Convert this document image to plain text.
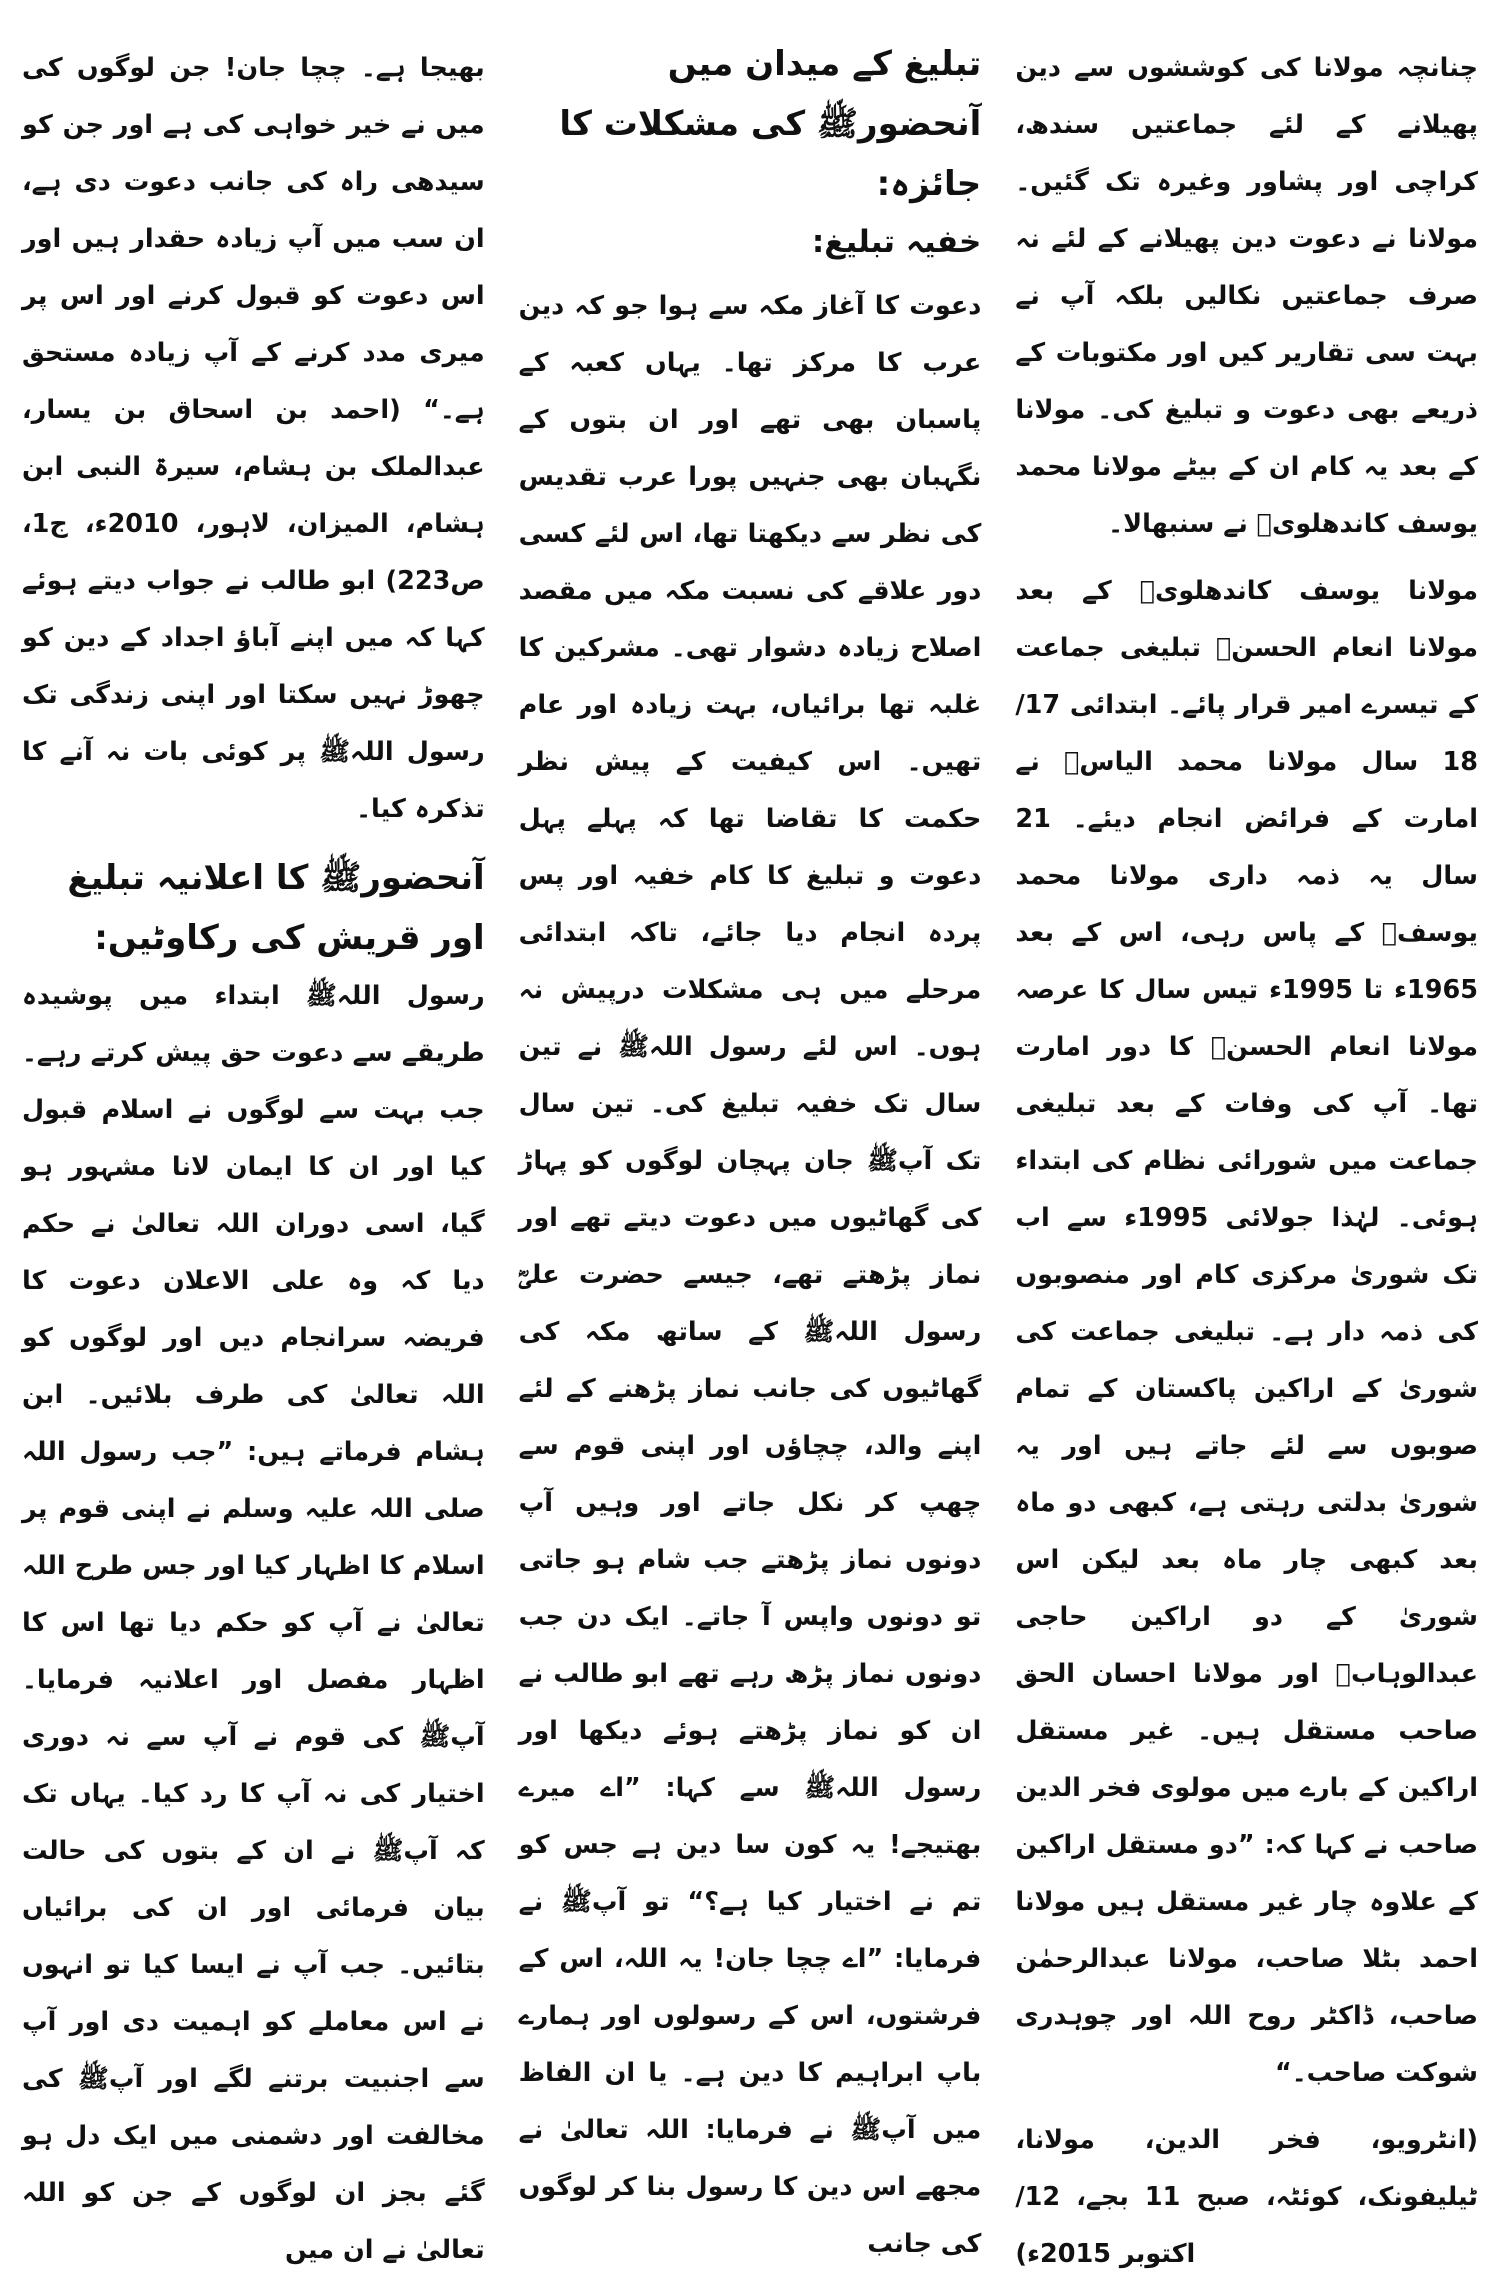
چنانچہ مولانا کی کوششوں سے دین پھیلانے کے لئے جماعتیں سندھ، کراچی اور پشاور وغیرہ تک گئیں۔ مولانا نے دعوت دین پھیلانے کے لئے نہ صرف جماعتیں نکالیں بلکہ آپ نے بہت سی تقاریر کیں اور مکتوبات کے ذریعے بھی دعوت و تبلیغ کی۔ مولانا کے بعد یہ کام ان کے بیٹے مولانا محمد یوسف کاندھلویؒ نے سنبھالا۔

مولانا یوسف کاندھلویؒ کے بعد مولانا انعام الحسنؒ تبلیغی جماعت کے تیسرے امیر قرار پائے۔ ابتدائی 17/ 18 سال مولانا محمد الیاسؒ نے امارت کے فرائض انجام دیئے۔ 21 سال یہ ذمہ داری مولانا محمد یوسفؒ کے پاس رہی، اس کے بعد 1965ء تا 1995ء تیس سال کا عرصہ مولانا انعام الحسنؒ کا دور امارت تھا۔ آپ کی وفات کے بعد تبلیغی جماعت میں شورائی نظام کی ابتداء ہوئی۔ لہٰذا جولائی 1995ء سے اب تک شوریٰ مرکزی کام اور منصوبوں کی ذمہ دار ہے۔ تبلیغی جماعت کی شوریٰ کے اراکین پاکستان کے تمام صوبوں سے لئے جاتے ہیں اور یہ شوریٰ بدلتی رہتی ہے، کبھی دو ماہ بعد کبھی چار ماہ بعد لیکن اس شوریٰ کے دو اراکین حاجی عبدالوہابؒ اور مولانا احسان الحق صاحب مستقل ہیں۔ غیر مستقل اراکین کے بارے میں مولوی فخر الدین صاحب نے کہا کہ: ”دو مستقل اراکین کے علاوہ چار غیر مستقل ہیں مولانا احمد بٹلا صاحب، مولانا عبدالرحمٰن صاحب، ڈاکٹر روح اللہ اور چوہدری شوکت صاحب۔“

(انٹرویو، فخر الدین، مولانا، ٹیلیفونک، کوئٹہ، صبح 11 بجے، 12/ اکتوبر 2015ء)

تبلیغ کے میدان میں آنحضورﷺ کی مشکلات کا جائزہ:
خفیہ تبلیغ:

دعوت کا آغاز مکہ سے ہوا جو کہ دین عرب کا مرکز تھا۔ یہاں کعبہ کے پاسبان بھی تھے اور ان بتوں کے نگہبان بھی جنہیں پورا عرب تقدیس کی نظر سے دیکھتا تھا، اس لئے کسی دور علاقے کی نسبت مکہ میں مقصد اصلاح زیادہ دشوار تھی۔ مشرکین کا غلبہ تھا برائیاں، بہت زیادہ اور عام تھیں۔ اس کیفیت کے پیش نظر حکمت کا تقاضا تھا کہ پہلے پہل دعوت و تبلیغ کا کام خفیہ اور پس پردہ انجام دیا جائے، تاکہ ابتدائی مرحلے میں ہی مشکلات درپیش نہ ہوں۔ اس لئے رسول اللہﷺ نے تین سال تک خفیہ تبلیغ کی۔ تین سال تک آپﷺ جان پہچان لوگوں کو پہاڑ کی گھاٹیوں میں دعوت دیتے تھے اور نماز پڑھتے تھے، جیسے حضرت علیؓ رسول اللہﷺ کے ساتھ مکہ کی گھاٹیوں کی جانب نماز پڑھنے کے لئے اپنے والد، چچاؤں اور اپنی قوم سے چھپ کر نکل جاتے اور وہیں آپ دونوں نماز پڑھتے جب شام ہو جاتی تو دونوں واپس آ جاتے۔ ایک دن جب دونوں نماز پڑھ رہے تھے ابو طالب نے ان کو نماز پڑھتے ہوئے دیکھا اور رسول اللہﷺ سے کہا: ”اے میرے بھتیجے! یہ کون سا دین ہے جس کو تم نے اختیار کیا ہے؟“ تو آپﷺ نے فرمایا: ”اے چچا جان! یہ اللہ، اس کے فرشتوں، اس کے رسولوں اور ہمارے باپ ابراہیم کا دین ہے۔ یا ان الفاظ میں آپﷺ نے فرمایا: اللہ تعالیٰ نے مجھے اس دین کا رسول بنا کر لوگوں کی جانب

بھیجا ہے۔ چچا جان! جن لوگوں کی میں نے خیر خواہی کی ہے اور جن کو سیدھی راہ کی جانب دعوت دی ہے، ان سب میں آپ زیادہ حقدار ہیں اور اس دعوت کو قبول کرنے اور اس پر میری مدد کرنے کے آپ زیادہ مستحق ہے۔“ (احمد بن اسحاق بن یسار، عبدالملک بن ہشام، سیرۃ النبی ابن ہشام، المیزان، لاہور، 2010ء، ج1، ص223) ابو طالب نے جواب دیتے ہوئے کہا کہ میں اپنے آباؤ اجداد کے دین کو چھوڑ نہیں سکتا اور اپنی زندگی تک رسول اللہﷺ پر کوئی بات نہ آنے کا تذکرہ کیا۔

آنحضورﷺ کا اعلانیہ تبلیغ اور قریش کی رکاوٹیں:

رسول اللہﷺ ابتداء میں پوشیدہ طریقے سے دعوت حق پیش کرتے رہے۔ جب بہت سے لوگوں نے اسلام قبول کیا اور ان کا ایمان لانا مشہور ہو گیا، اسی دوران اللہ تعالیٰ نے حکم دیا کہ وہ علی الاعلان دعوت کا فریضہ سرانجام دیں اور لوگوں کو اللہ تعالیٰ کی طرف بلائیں۔ ابن ہشام فرماتے ہیں: ”جب رسول اللہ صلی اللہ علیہ وسلم نے اپنی قوم پر اسلام کا اظہار کیا اور جس طرح اللہ تعالیٰ نے آپ کو حکم دیا تھا اس کا اظہار مفصل اور اعلانیہ فرمایا۔ آپﷺ کی قوم نے آپ سے نہ دوری اختیار کی نہ آپ کا رد کیا۔ یہاں تک کہ آپﷺ نے ان کے بتوں کی حالت بیان فرمائی اور ان کی برائیاں بتائیں۔ جب آپ نے ایسا کیا تو انہوں نے اس معاملے کو اہمیت دی اور آپ سے اجنبیت برتنے لگے اور آپﷺ کی مخالفت اور دشمنی میں ایک دل ہو گئے بجز ان لوگوں کے جن کو اللہ تعالیٰ نے ان میں
